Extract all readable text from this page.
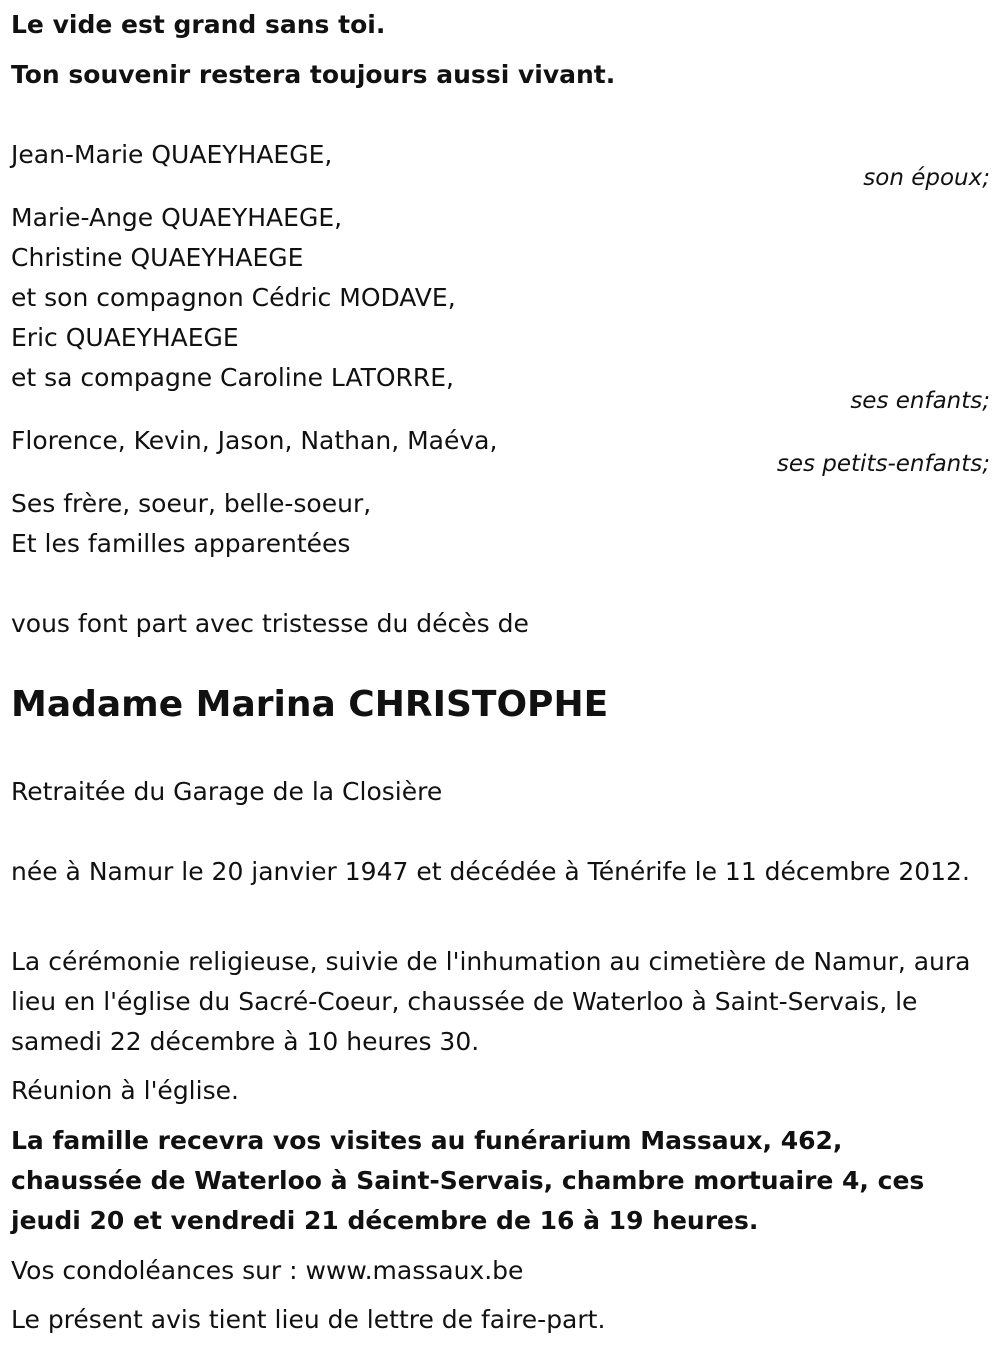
Le vide est grand sans toi.
Ton souvenir restera toujours aussi vivant.
Jean-Marie QUAEYHAEGE,
son époux;
Marie-Ange QUAEYHAEGE,
Christine QUAEYHAEGE
et son compagnon Cédric MODAVE,
Eric QUAEYHAEGE
et sa compagne Caroline LATORRE,
ses enfants;
Florence, Kevin, Jason, Nathan, Maéva,
ses petits-enfants;
Ses frère, soeur, belle-soeur,
Et les familles apparentées
vous font part avec tristesse du décès de
Madame Marina CHRISTOPHE
Retraitée du Garage de la Closière
née à Namur le 20 janvier 1947 et décédée à Ténérife le 11 décembre 2012.
La cérémonie religieuse, suivie de l'inhumation au cimetière de Namur, aura lieu en l'église du Sacré-Coeur, chaussée de Waterloo à Saint-Servais, le samedi 22 décembre à 10 heures 30.
Réunion à l'église.
La famille recevra vos visites au funérarium Massaux, 462, chaussée de Waterloo à Saint-Servais, chambre mortuaire 4, ces jeudi 20 et vendredi 21 décembre de 16 à 19 heures.
Vos condoléances sur : www.massaux.be
Le présent avis tient lieu de lettre de faire-part.
